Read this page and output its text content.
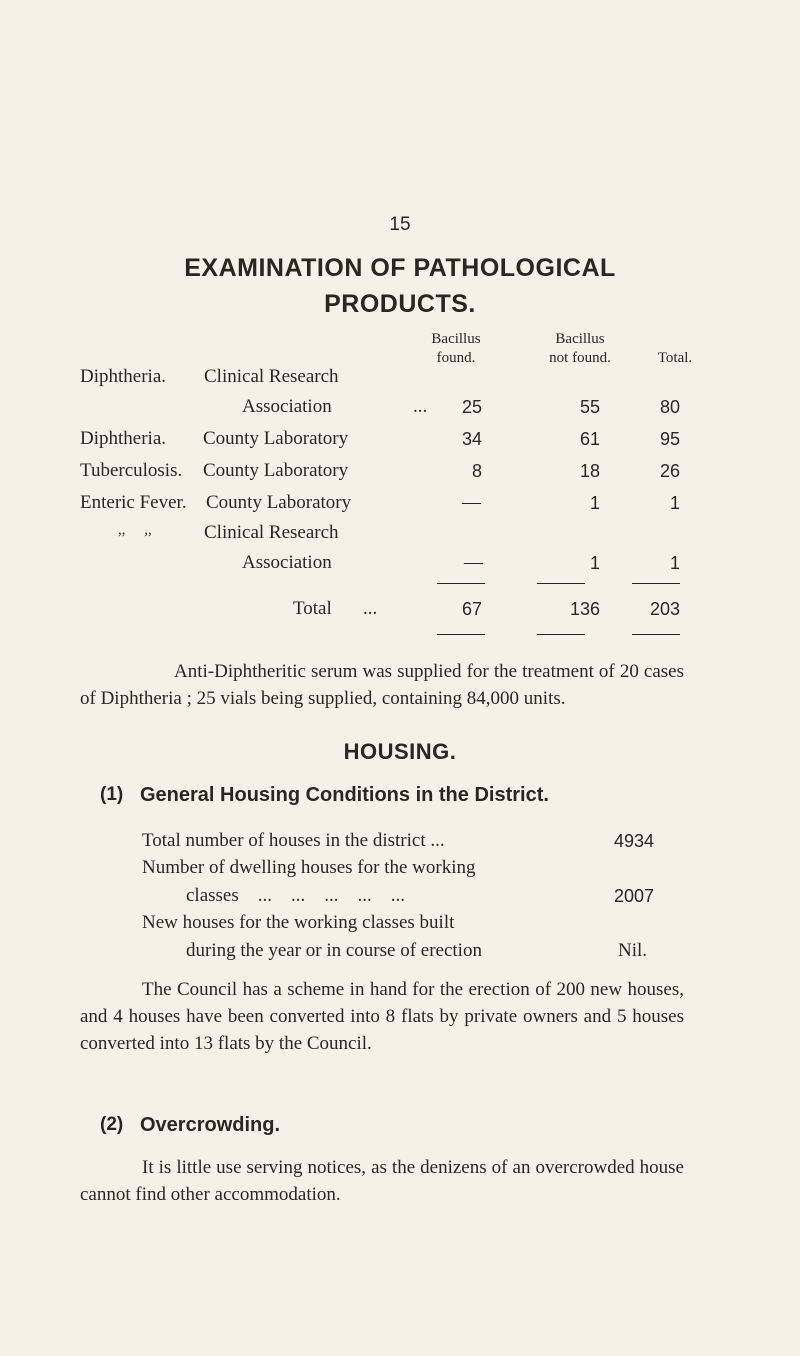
15
EXAMINATION OF PATHOLOGICAL
PRODUCTS.
Bacillus
found.
Bacillus
not found.	Total.
Diphtheria. Clinical Research
Association	...	25	55	80
Diphtheria. County Laboratory	34	61	95
Tuberculosis. County Laboratory	8	18	26
Enteric Fever. County Laboratory	—	1	1
,,     ,,	Clinical Research
Association	—	1	1
Total ...	67	136	203
Anti-Diphtheritic serum was supplied for the treatment of 20 cases of Diphtheria ; 25 vials being supplied, containing 84,000 units.
HOUSING.
(1) General Housing Conditions in the District.
Total number of houses in the district ...	4934
Number of dwelling houses for the working
classes    ...    ...    ...    ...    ...	2007
New houses for the working classes built
during the year or in course of erection	Nil.
The Council has a scheme in hand for the erection of 200 new houses, and 4 houses have been converted into 8 flats by private owners and 5 houses converted into 13 flats by the Council.
(2) Overcrowding.
It is little use serving notices, as the denizens of an overcrowded house cannot find other accommodation.
